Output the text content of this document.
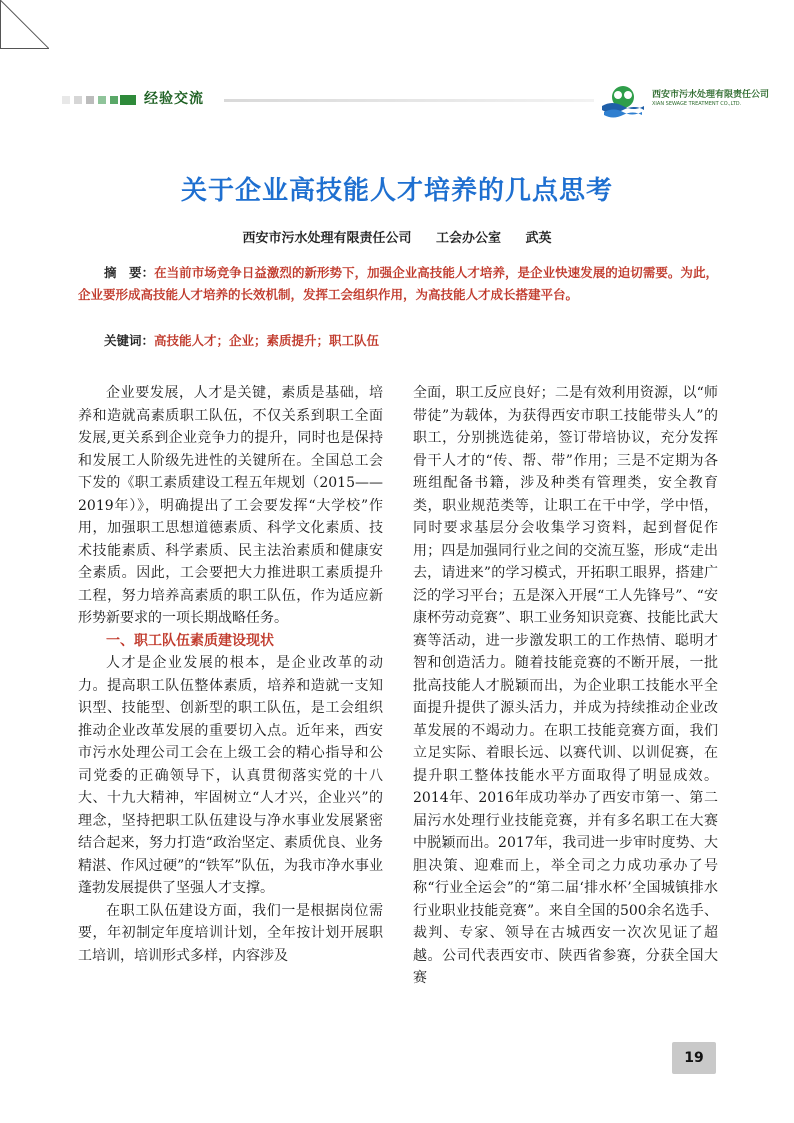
经验交流	西安市污水处理有限责任公司
XIAN SEWAGE TREATMENT CO.,LTD.
关于企业高技能人才培养的几点思考
西安市污水处理有限责任公司 工会办公室 武英
摘　要：在当前市场竞争日益激烈的新形势下，加强企业高技能人才培养，是企业快速发展的迫切需要。为此，企业要形成高技能人才培养的长效机制，发挥工会组织作用，为高技能人才成长搭建平台。
关键词：高技能人才；企业；素质提升；职工队伍

企业要发展，人才是关键，素质是基础，培养和造就高素质职工队伍，不仅关系到职工全面发展,更关系到企业竞争力的提升，同时也是保持和发展工人阶级先进性的关键所在。全国总工会下发的《职工素质建设工程五年规划（2015——2019年）》，明确提出了工会要发挥“大学校”作用，加强职工思想道德素质、科学文化素质、技术技能素质、科学素质、民主法治素质和健康安全素质。因此，工会要把大力推进职工素质提升工程，努力培养高素质的职工队伍，作为适应新形势新要求的一项长期战略任务。

一、职工队伍素质建设现状

人才是企业发展的根本，是企业改革的动力。提高职工队伍整体素质，培养和造就一支知识型、技能型、创新型的职工队伍，是工会组织推动企业改革发展的重要切入点。近年来，西安市污水处理公司工会在上级工会的精心指导和公司党委的正确领导下，认真贯彻落实党的十八大、十九大精神，牢固树立“人才兴，企业兴”的理念，坚持把职工队伍建设与净水事业发展紧密结合起来，努力打造“政治坚定、素质优良、业务精湛、作风过硬”的“铁军”队伍，为我市净水事业蓬勃发展提供了坚强人才支撑。

在职工队伍建设方面，我们一是根据岗位需要，年初制定年度培训计划，全年按计划开展职工培训，培训形式多样，内容涉及

全面，职工反应良好；二是有效利用资源，以“师带徒”为载体，为获得西安市职工技能带头人”的职工，分别挑选徒弟，签订带培协议，充分发挥骨干人才的“传、帮、带”作用；三是不定期为各班组配备书籍，涉及种类有管理类，安全教育类，职业规范类等，让职工在干中学，学中悟，同时要求基层分会收集学习资料，起到督促作用；四是加强同行业之间的交流互鉴，形成“走出去，请进来”的学习模式，开拓职工眼界，搭建广泛的学习平台；五是深入开展“工人先锋号”、“安康杯劳动竞赛”、职工业务知识竞赛、技能比武大赛等活动，进一步激发职工的工作热情、聪明才智和创造活力。随着技能竞赛的不断开展，一批批高技能人才脱颖而出，为企业职工技能水平全面提升提供了源头活力，并成为持续推动企业改革发展的不竭动力。在职工技能竞赛方面，我们立足实际、着眼长远、以赛代训、以训促赛，在提升职工整体技能水平方面取得了明显成效。2014年、2016年成功举办了西安市第一、第二届污水处理行业技能竞赛，并有多名职工在大赛中脱颖而出。2017年，我司进一步审时度势、大胆决策、迎难而上，举全司之力成功承办了号称“行业全运会”的“第二届‘排水杯’全国城镇排水行业职业技能竞赛”。来自全国的500余名选手、裁判、专家、领导在古城西安一次次见证了超越。公司代表西安市、陕西省参赛，分获全国大赛

19
